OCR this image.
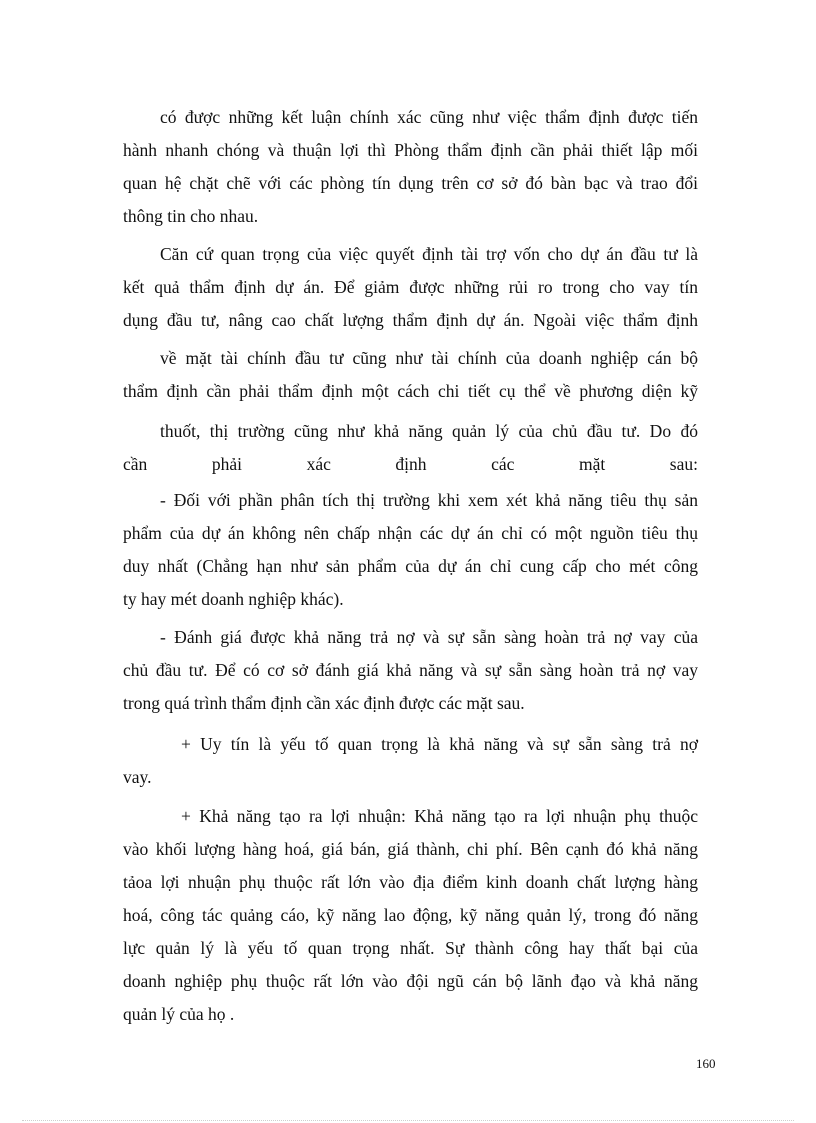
có được những kết luận chính xác cũng như việc thẩm định được tiến

hành nhanh chóng và thuận lợi thì Phòng thẩm định cần phải thiết lập mối

quan hệ chặt chẽ với các phòng tín dụng trên cơ sở đó bàn bạc và trao đổi

thông tin cho nhau.

Căn cứ quan trọng của việc quyết định tài trợ vốn cho dự án đầu tư là

kết quả thẩm định dự án. Để giảm được những rủi ro trong cho vay tín

dụng đầu tư, nâng cao chất lượng thẩm định dự án. Ngoài việc thẩm định

về mặt tài chính đầu tư cũng như tài chính của doanh nghiệp cán bộ

thẩm định cần phải thẩm định một cách chi tiết cụ thể về phương diện kỹ

thuốt, thị trường cũng như khả năng quản lý của chủ đầu tư. Do đó

cần	phải	xác	định	các	mặt	sau:

- Đối với phần phân tích thị trường khi xem xét khả năng tiêu thụ sản

phẩm của dự án không nên chấp nhận các dự án chỉ có một nguồn tiêu thụ

duy nhất (Chẳng hạn như sản phẩm của dự án chỉ cung cấp cho mét công

ty hay mét doanh nghiệp khác).

- Đánh giá được khả năng trả nợ và sự sẵn sàng hoàn trả nợ vay của

chủ đầu tư. Để có cơ sở đánh giá khả năng và sự sẵn sàng hoàn trả nợ vay

trong quá trình thẩm định cần xác định được các mặt sau.

+ Uy tín là yếu tố quan trọng là khả năng và sự sẵn sàng trả nợ

vay.

+ Khả năng tạo ra lợi nhuận: Khả năng tạo ra lợi nhuận phụ thuộc

vào khối lượng hàng hoá, giá bán, giá thành, chi phí. Bên cạnh đó khả năng

tảoa lợi nhuận phụ thuộc rất lớn vào địa điểm kinh doanh chất lượng hàng

hoá, công tác quảng cáo, kỹ năng lao động, kỹ năng quản lý, trong đó năng

lực quản lý là yếu tố quan trọng nhất. Sự thành công hay thất bại của

doanh nghiệp phụ thuộc rất lớn vào đội ngũ cán bộ lãnh đạo và khả năng

quản lý của họ .

160
